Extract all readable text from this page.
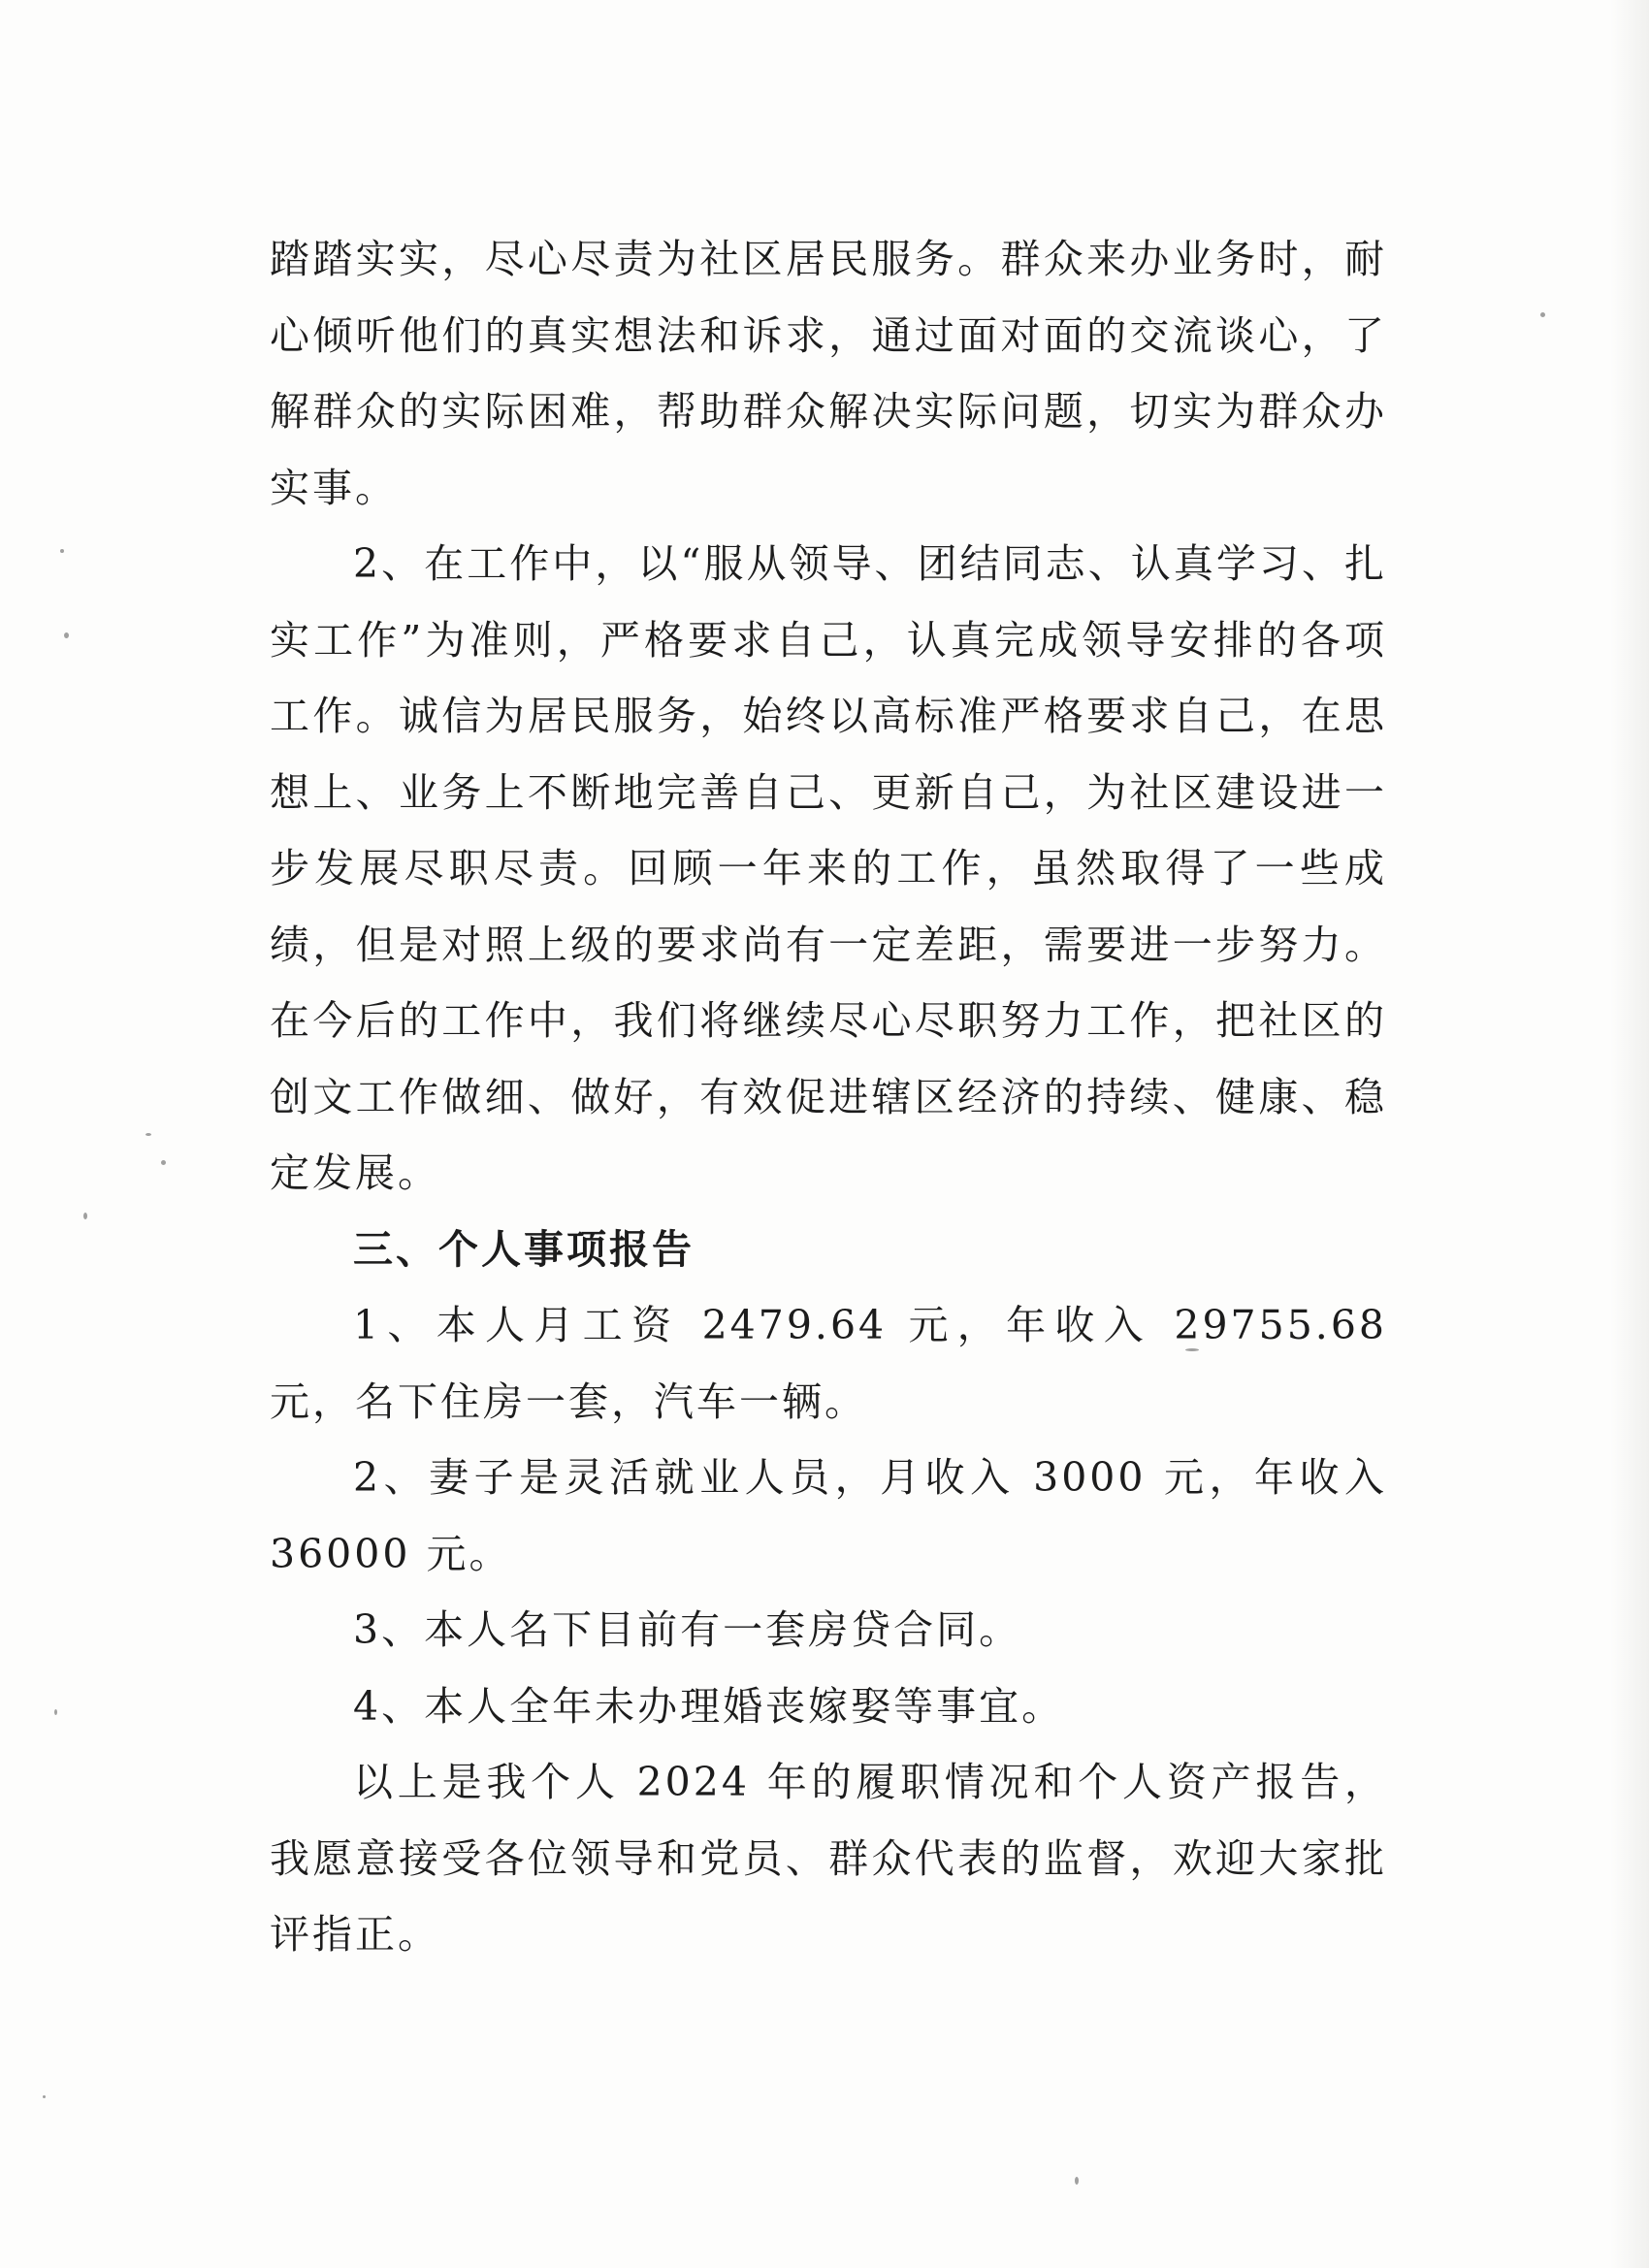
踏踏实实，尽心尽责为社区居民服务。群众来办业务时，耐心倾听他们的真实想法和诉求，通过面对面的交流谈心，了解群众的实际困难，帮助群众解决实际问题，切实为群众办实事。

2、在工作中，以“服从领导、团结同志、认真学习、扎实工作”为准则，严格要求自己，认真完成领导安排的各项工作。诚信为居民服务，始终以高标准严格要求自己，在思想上、业务上不断地完善自己、更新自己，为社区建设进一步发展尽职尽责。回顾一年来的工作，虽然取得了一些成绩，但是对照上级的要求尚有一定差距，需要进一步努力。在今后的工作中，我们将继续尽心尽职努力工作，把社区的创文工作做细、做好，有效促进辖区经济的持续、健康、稳定发展。

三、个人事项报告

1、本人月工资 2479.64 元，年收入 29755.68 元，名下住房一套，汽车一辆。

2、妻子是灵活就业人员，月收入 3000 元，年收入 36000 元。

3、本人名下目前有一套房贷合同。

4、本人全年未办理婚丧嫁娶等事宜。

以上是我个人 2024 年的履职情况和个人资产报告，我愿意接受各位领导和党员、群众代表的监督，欢迎大家批评指正。
